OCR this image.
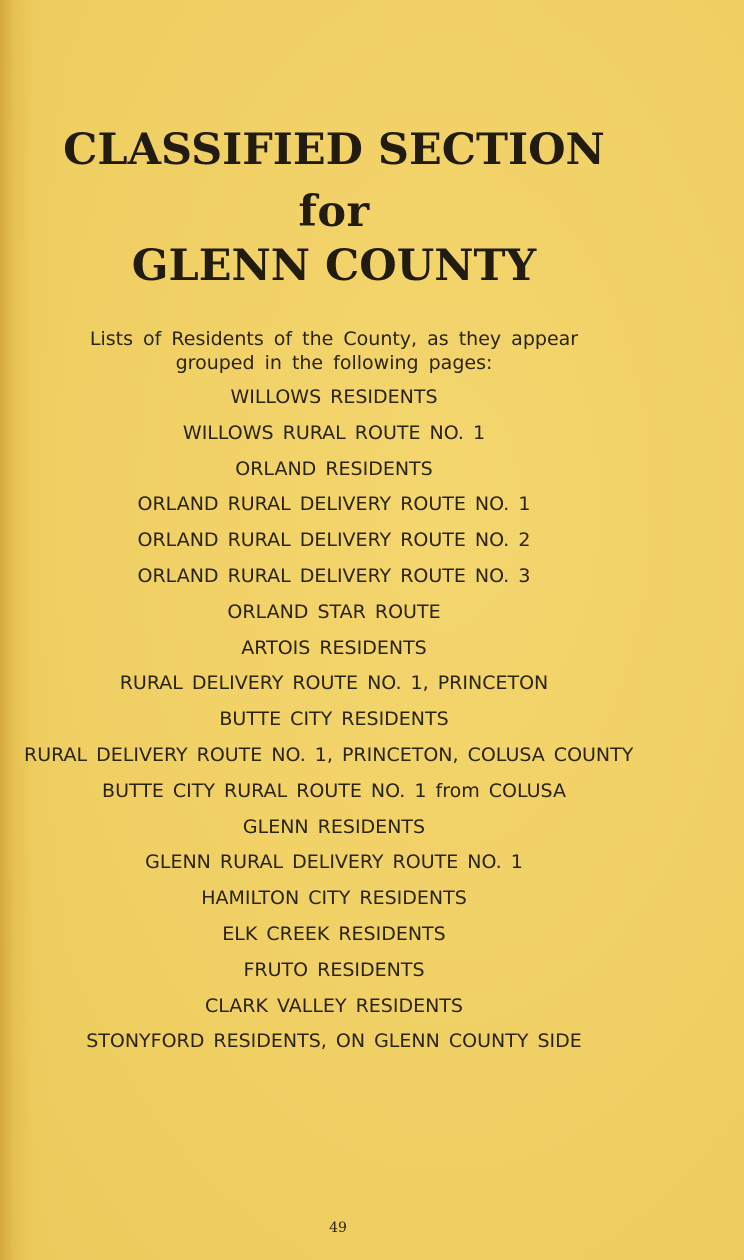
CLASSIFIED SECTION
for
GLENN COUNTY
Lists of Residents of the County, as they appear
grouped in the following pages:
WILLOWS RESIDENTS
WILLOWS RURAL ROUTE NO. 1
ORLAND RESIDENTS
ORLAND RURAL DELIVERY ROUTE NO. 1
ORLAND RURAL DELIVERY ROUTE NO. 2
ORLAND RURAL DELIVERY ROUTE NO. 3
ORLAND STAR ROUTE
ARTOIS RESIDENTS
RURAL DELIVERY ROUTE NO. 1, PRINCETON
BUTTE CITY RESIDENTS
RURAL DELIVERY ROUTE NO. 1, PRINCETON, COLUSA COUNTY
BUTTE CITY RURAL ROUTE NO. 1 from COLUSA
GLENN RESIDENTS
GLENN RURAL DELIVERY ROUTE NO. 1
HAMILTON CITY RESIDENTS
ELK CREEK RESIDENTS
FRUTO RESIDENTS
CLARK VALLEY RESIDENTS
STONYFORD RESIDENTS, ON GLENN COUNTY SIDE
49
